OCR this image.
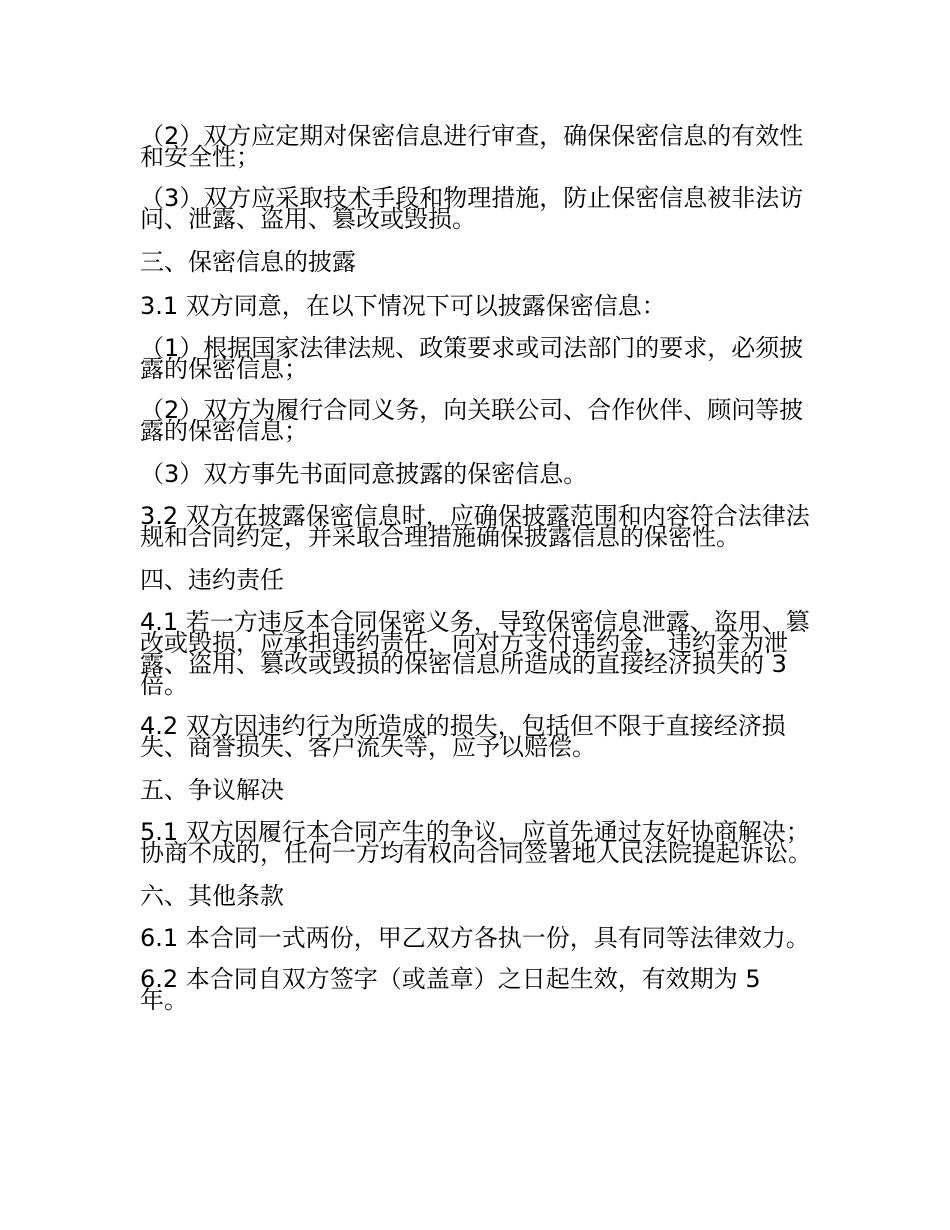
（2）双方应定期对保密信息进行审查，确保保密信息的有效性和安全性；

（3）双方应采取技术手段和物理措施，防止保密信息被非法访问、泄露、盗用、篡改或毁损。

三、保密信息的披露

3.1 双方同意，在以下情况下可以披露保密信息：

（1）根据国家法律法规、政策要求或司法部门的要求，必须披露的保密信息；

（2）双方为履行合同义务，向关联公司、合作伙伴、顾问等披露的保密信息；

（3）双方事先书面同意披露的保密信息。

3.2 双方在披露保密信息时，应确保披露范围和内容符合法律法规和合同约定，并采取合理措施确保披露信息的保密性。

四、违约责任

4.1 若一方违反本合同保密义务，导致保密信息泄露、盗用、篡改或毁损，应承担违约责任，向对方支付违约金，违约金为泄露、盗用、篡改或毁损的保密信息所造成的直接经济损失的 3 倍。

4.2 双方因违约行为所造成的损失，包括但不限于直接经济损失、商誉损失、客户流失等，应予以赔偿。

五、争议解决

5.1 双方因履行本合同产生的争议，应首先通过友好协商解决；协商不成的，任何一方均有权向合同签署地人民法院提起诉讼。

六、其他条款

6.1 本合同一式两份，甲乙双方各执一份，具有同等法律效力。

6.2 本合同自双方签字（或盖章）之日起生效，有效期为 5 年。
